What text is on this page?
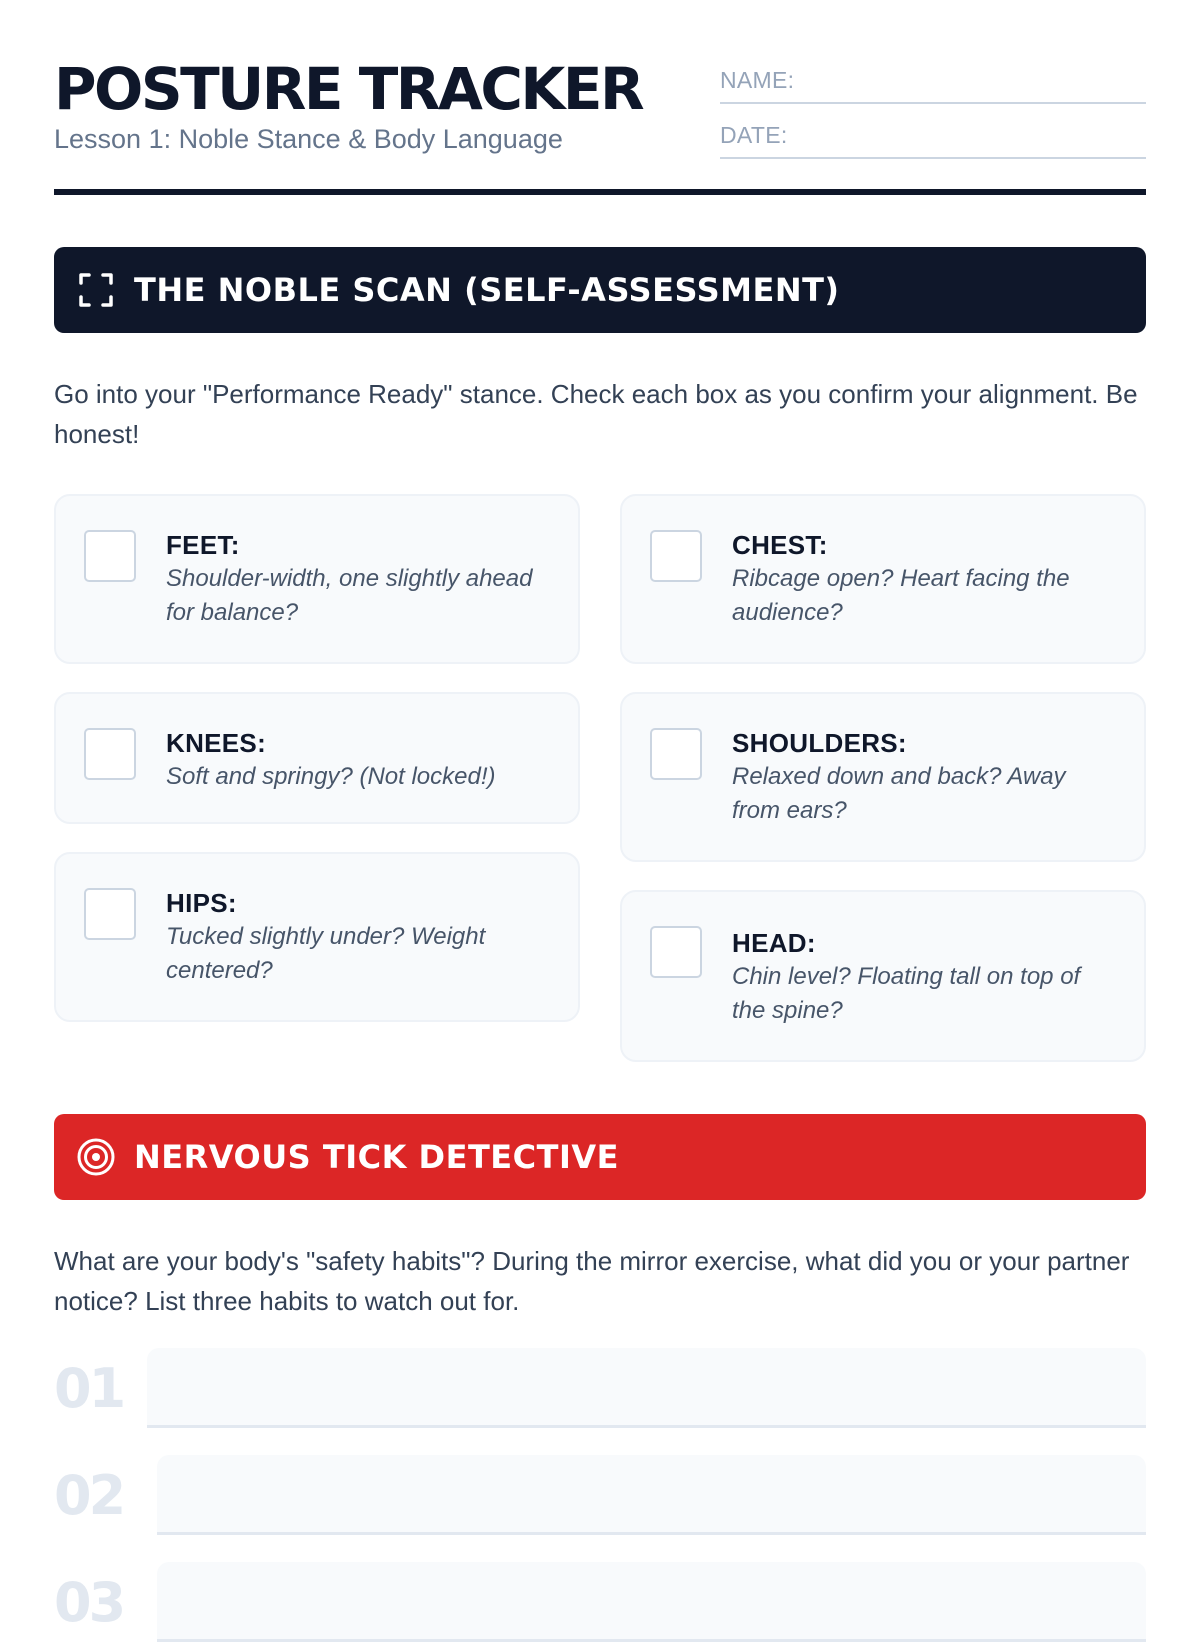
POSTURE TRACKER
Lesson 1: Noble Stance & Body Language
NAME:
DATE:
THE NOBLE SCAN (SELF-ASSESSMENT)
Go into your "Performance Ready" stance. Check each box as you confirm your alignment. Be honest!
FEET:
Shoulder-width, one slightly ahead for balance?
KNEES:
Soft and springy? (Not locked!)
HIPS:
Tucked slightly under? Weight centered?
CHEST:
Ribcage open? Heart facing the audience?
SHOULDERS:
Relaxed down and back? Away from ears?
HEAD:
Chin level? Floating tall on top of the spine?
NERVOUS TICK DETECTIVE
What are your body's "safety habits"? During the mirror exercise, what did you or your partner notice? List three habits to watch out for.
01
02
03
